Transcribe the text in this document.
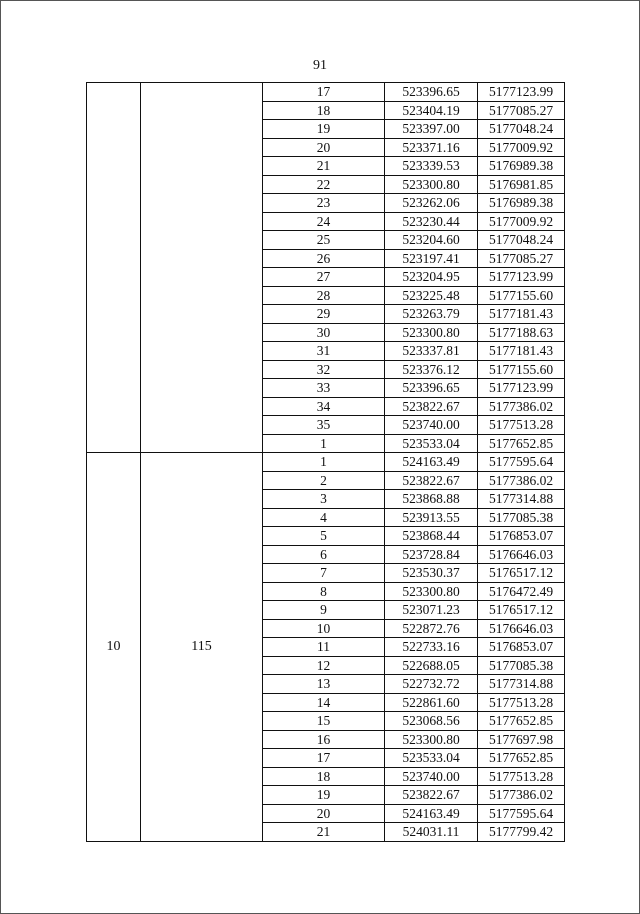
91
		17	523396.65	5177123.99
		18	523404.19	5177085.27
		19	523397.00	5177048.24
		20	523371.16	5177009.92
		21	523339.53	5176989.38
		22	523300.80	5176981.85
		23	523262.06	5176989.38
		24	523230.44	5177009.92
		25	523204.60	5177048.24
		26	523197.41	5177085.27
		27	523204.95	5177123.99
		28	523225.48	5177155.60
		29	523263.79	5177181.43
		30	523300.80	5177188.63
		31	523337.81	5177181.43
		32	523376.12	5177155.60
		33	523396.65	5177123.99
		34	523822.67	5177386.02
		35	523740.00	5177513.28
		1	523533.04	5177652.85
10	115	1	524163.49	5177595.64
		2	523822.67	5177386.02
		3	523868.88	5177314.88
		4	523913.55	5177085.38
		5	523868.44	5176853.07
		6	523728.84	5176646.03
		7	523530.37	5176517.12
		8	523300.80	5176472.49
		9	523071.23	5176517.12
		10	522872.76	5176646.03
		11	522733.16	5176853.07
		12	522688.05	5177085.38
		13	522732.72	5177314.88
		14	522861.60	5177513.28
		15	523068.56	5177652.85
		16	523300.80	5177697.98
		17	523533.04	5177652.85
		18	523740.00	5177513.28
		19	523822.67	5177386.02
		20	524163.49	5177595.64
		21	524031.11	5177799.42
